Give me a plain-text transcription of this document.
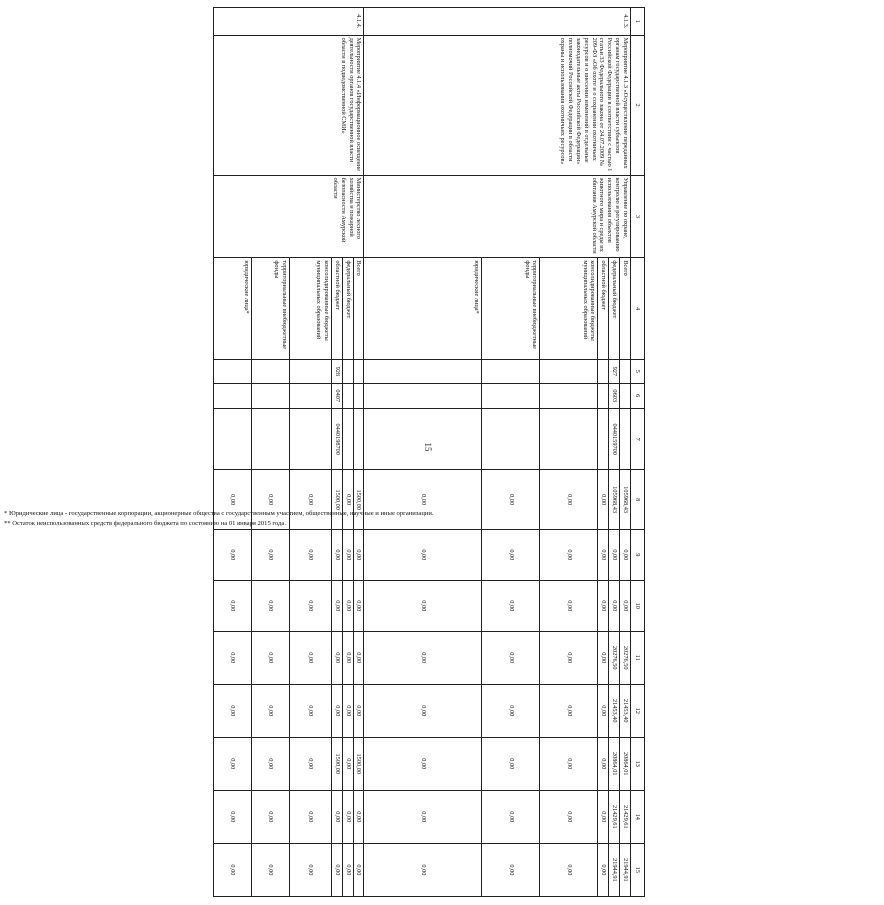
15
1	2	3	4	5	6	7	8	9	10	11	12	13	14	15
4.1.3.	Мероприятие 4.1.3 «Осуществление переданных органам государственной власти субъектов Российской Федерации в соответствии с частью 1 статьи 33 Федерального закона от 24.07.2009 № 209-ФЗ «Об охоте и о сохранении охотничьих ресурсов и о внесении изменений в отдельные законодательные акты Российской Федерации» полномочий Российской Федерации в области охраны и использования охотничьих ресурсов»	Управление по охране, контролю и регулированию использования объектов животного мира и среды их обитания Амурской области	Всего				105968,43	0,00	0,00	20276,50	21453,40	20864,01	21429,61	21944,91
			федеральный бюджет	927	0603	0440159700	105968,43	0,00	0,00	20276,50	21453,40	20864,01	21429,61	21944,91
			областной бюджет				0,00	0,00	0,00	0,00	0,00	0,00	0,00	0,00
			консолидированные бюджеты муниципальных образований				0,00	0,00	0,00	0,00	0,00	0,00	0,00	0,00
			территориальные внебюджетные фонды				0,00	0,00	0,00	0,00	0,00	0,00	0,00	0,00
			юридические лица*				0,00	0,00	0,00	0,00	0,00	0,00	0,00	0,00
4.1.4.	Мероприятие 4.1.4 «Информационное освещение деятельности органов государственной власти области в подведомственной СМИ»	Министерство лесного хозяйства и пожарной безопасности Амурской области	Всего				1500,00	0,00	0,00	0,00	0,00	1500,00	0,00	0,00
			федеральный бюджет				0,00	0,00	0,00	0,00	0,00	0,00	0,00	0,00
			областной бюджет	928	0407	0440198700	1500,00	0,00	0,00	0,00	0,00	1500,00	0,00	0,00
			консолидированные бюджеты муниципальных образований				0,00	0,00	0,00	0,00	0,00	0,00	0,00	0,00
			территориальные внебюджетные фонды				0,00	0,00	0,00	0,00	0,00	0,00	0,00	0,00
			юридические лица*				0,00	0,00	0,00	0,00	0,00	0,00	0,00	0,00
* Юридические лица - государственные корпорации, акционерные общества с государственным участием, общественные, научные и иные организации.
** Остаток неиспользованных средств федерального бюджета по состоянию на 01 января 2015 года.
